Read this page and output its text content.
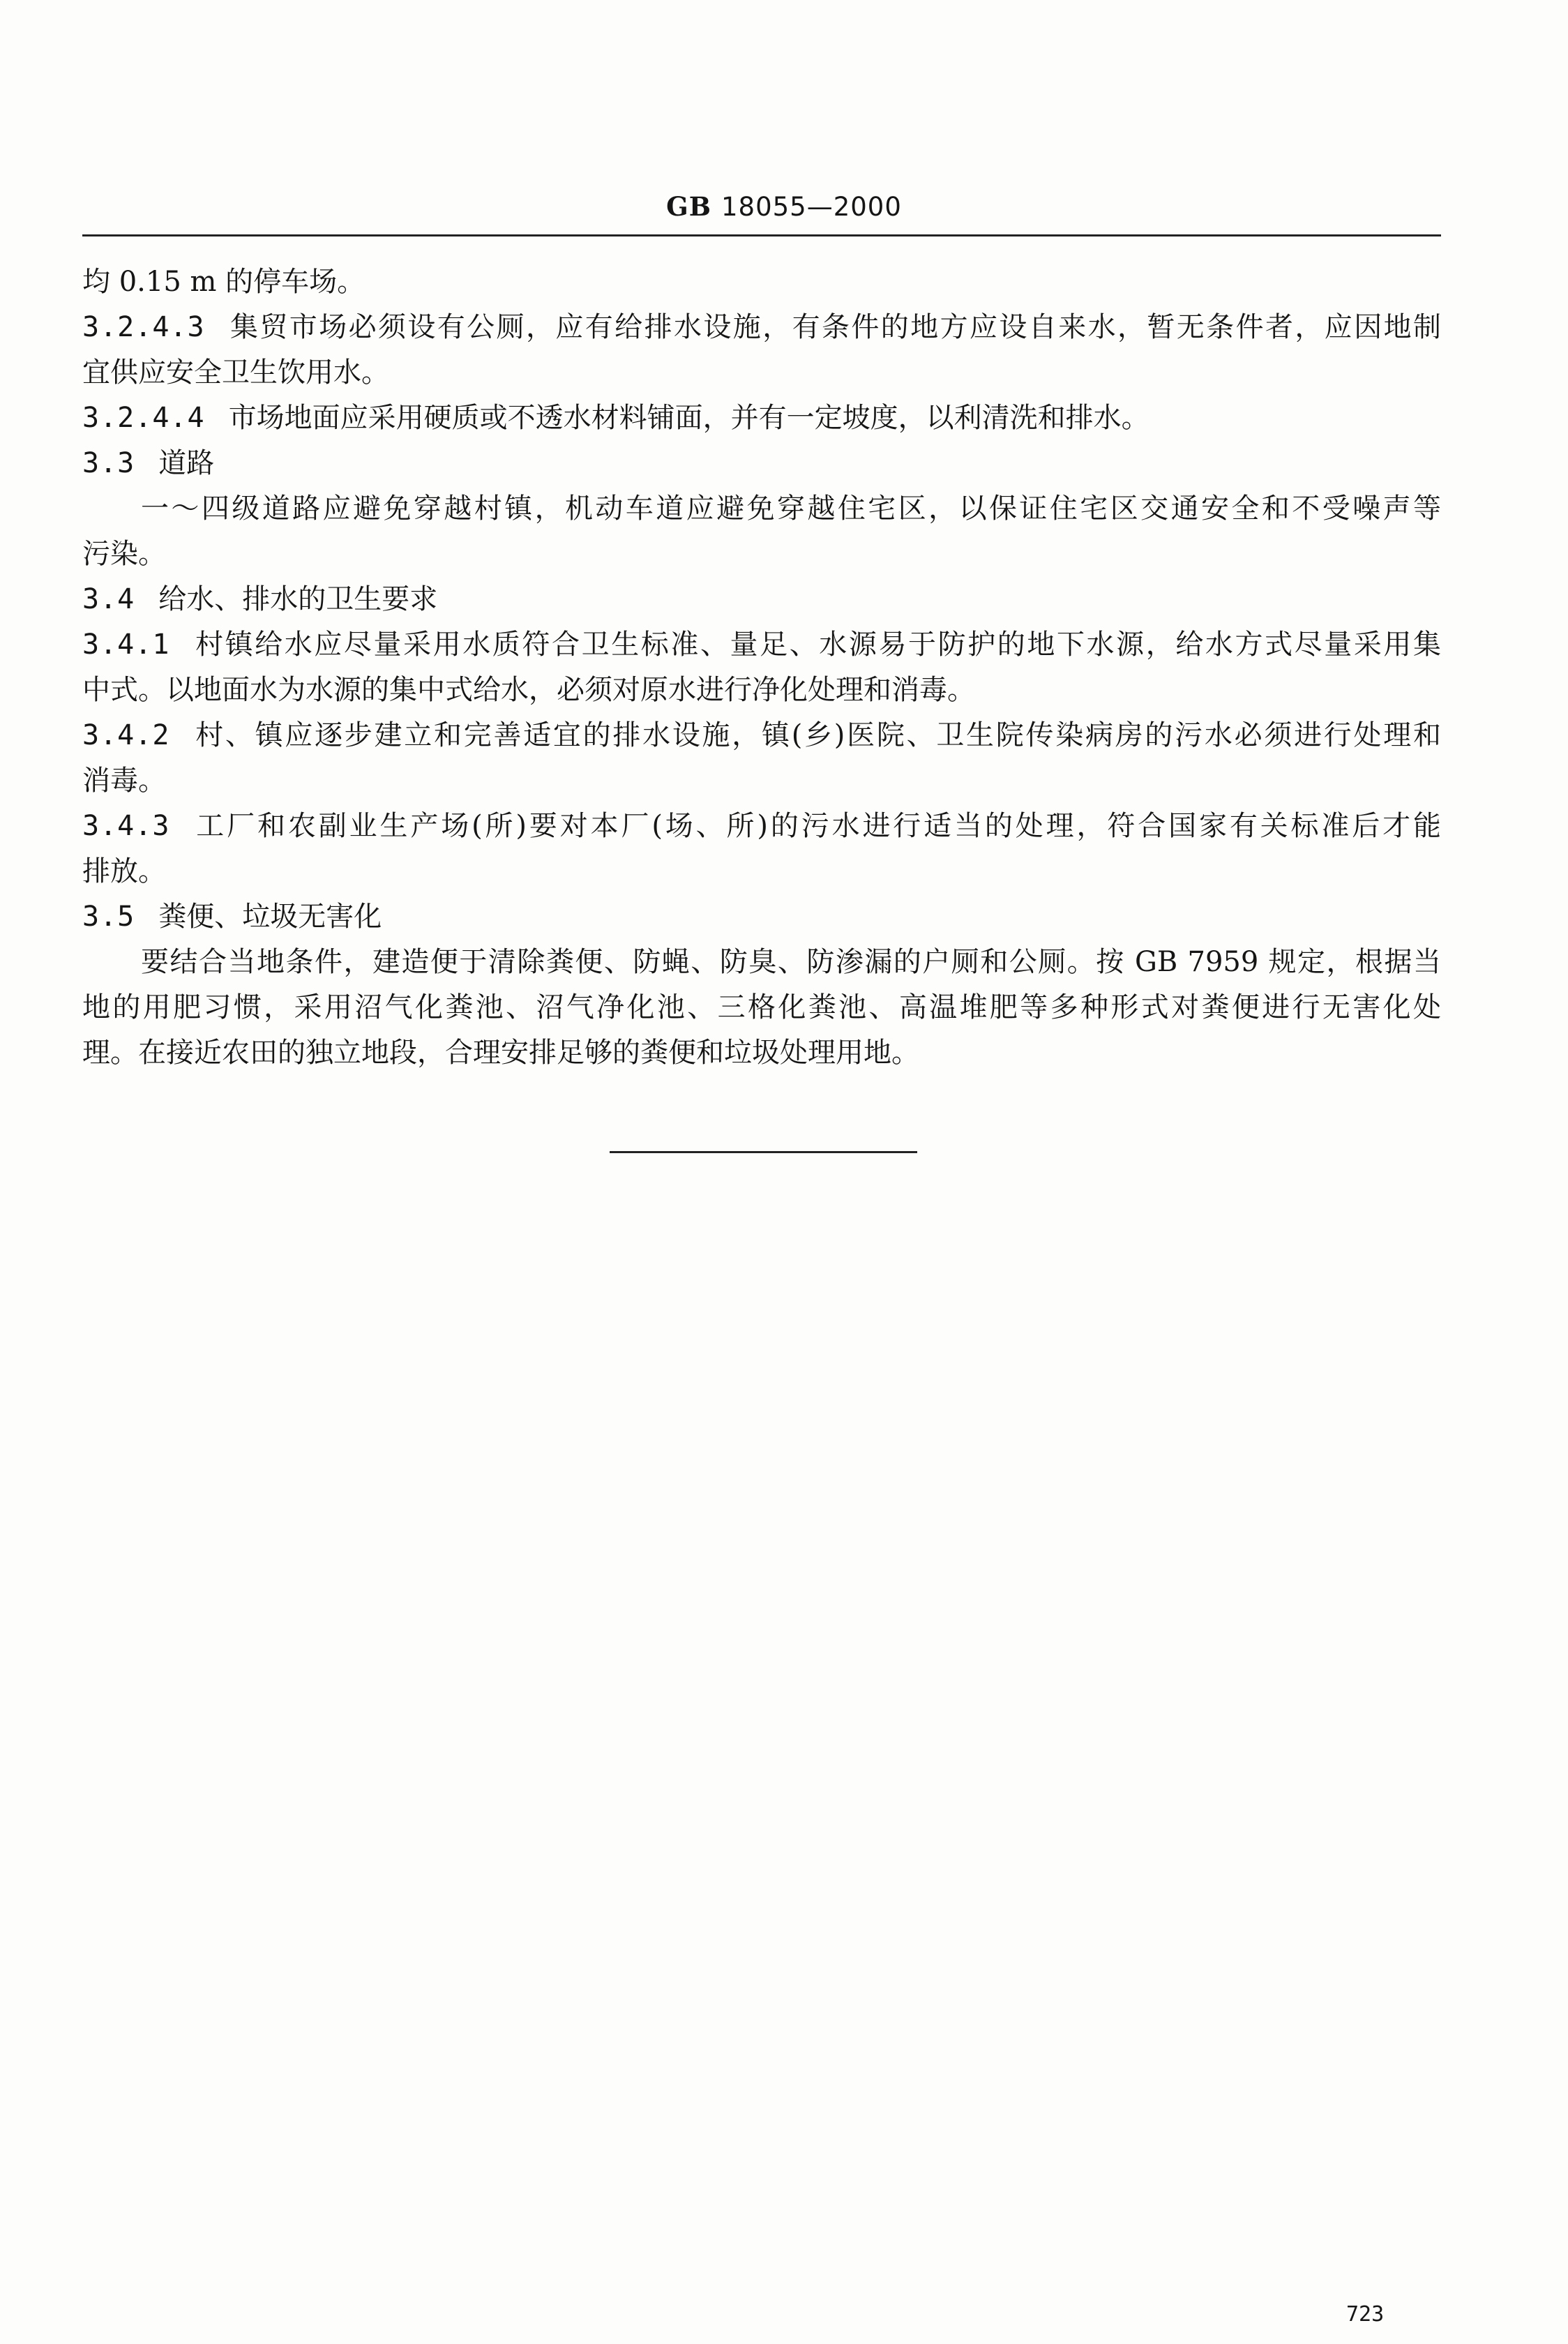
GB 18055—2000
均 0.15 m 的停车场。
3.2.4.3 集贸市场必须设有公厕，应有给排水设施，有条件的地方应设自来水，暂无条件者，应因地制
宜供应安全卫生饮用水。
3.2.4.4 市场地面应采用硬质或不透水材料铺面，并有一定坡度，以利清洗和排水。
3.3 道路
一～四级道路应避免穿越村镇，机动车道应避免穿越住宅区，以保证住宅区交通安全和不受噪声等
污染。
3.4 给水、排水的卫生要求
3.4.1 村镇给水应尽量采用水质符合卫生标准、量足、水源易于防护的地下水源，给水方式尽量采用集
中式。以地面水为水源的集中式给水，必须对原水进行净化处理和消毒。
3.4.2 村、镇应逐步建立和完善适宜的排水设施，镇(乡)医院、卫生院传染病房的污水必须进行处理和
消毒。
3.4.3 工厂和农副业生产场(所)要对本厂(场、所)的污水进行适当的处理，符合国家有关标准后才能
排放。
3.5 粪便、垃圾无害化
要结合当地条件，建造便于清除粪便、防蝇、防臭、防渗漏的户厕和公厕。按 GB 7959 规定，根据当
地的用肥习惯，采用沼气化粪池、沼气净化池、三格化粪池、高温堆肥等多种形式对粪便进行无害化处
理。在接近农田的独立地段，合理安排足够的粪便和垃圾处理用地。
723
